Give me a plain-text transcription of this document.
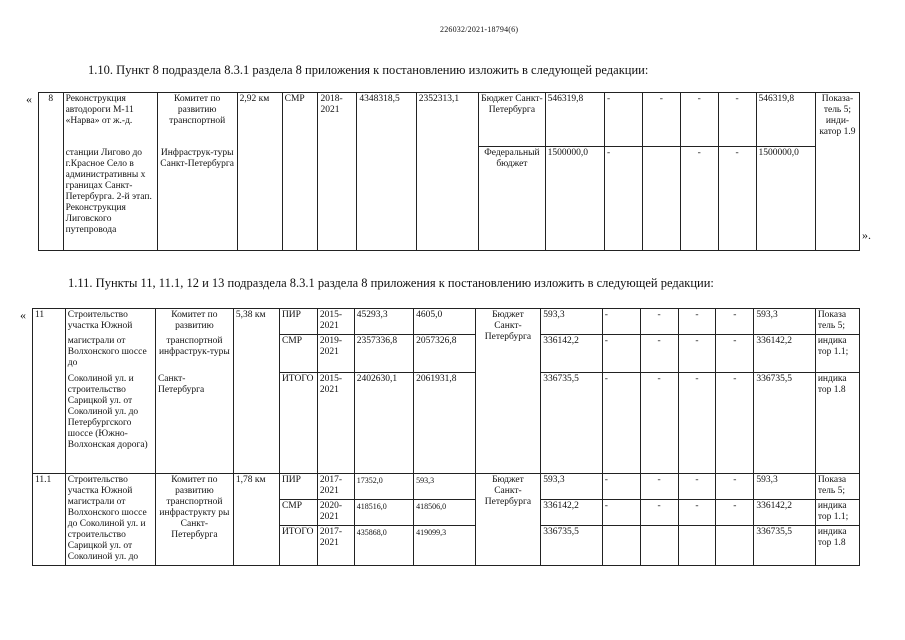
226032/2021-18794(6)
1.10. Пункт 8 подраздела 8.3.1 раздела 8 приложения к постановлению изложить в следующей редакции:
«
».
8	Реконструкция автодороги М-11 «Нарва» от ж.-д.	Комитет по развитию транспортной	2,92 км	СМР	2018-2021	4348318,5	2352313,1	Бюджет Санкт-Петербурга	546319,8	-	-	-	-	546319,8	Показа-тель 5; инди-катор 1.9
	станции Лигово до г.Красное Село в административны х границах Санкт-Петербурга. 2-й этап. Реконструкция Лиговского путепровода	Инфраструк-туры Санкт-Петербурга						Федеральный бюджет	1500000,0	-		-	-	1500000,0	
1.11. Пункты 11, 11.1, 12 и 13 подраздела 8.3.1 раздела 8 приложения к постановлению изложить в следующей редакции:
« 11	Строительство участка Южной	Комитет по развитию	5,38 км	ПИР	2015-2021	45293,3	4605,0	Бюджет Санкт-Петербурга	593,3	-	-	-	-	593,3	Показа тель 5;
	магистрали от Волхонского шоссе до	транспортной инфраструк-туры		СМР	2019-2021	2357336,8	2057326,8		336142,2	-	-	-	-	336142,2	индика тор 1.1;
	Соколиной ул. и строительство Сарицкой ул. от Соколиной ул. до Петербургского шоссе (Южно-Волхонская дорога)	Санкт-Петербурга		ИТОГО	2015-2021	2402630,1	2061931,8		336735,5	-	-	-	-	336735,5	индика тор 1.8
11.1	Строительство участка Южной магистрали от Волхонского шоссе до Соколиной ул. и строительство Сарицкой ул. от Соколиной ул. до	Комитет по развитию транспортной инфраструкту ры Санкт-Петербурга	1,78 км	ПИР	2017-2021	17352,0	593,3	Бюджет Санкт-Петербурга	593,3	-	-	-	-	593,3	Показа тель 5;
				СМР	2020-2021	418516,0	418506,0		336142,2	-	-	-	-	336142,2	индика тор 1.1;
				ИТОГО	2017-2021	435868,0	419099,3		336735,5					336735,5	индика тор 1.8
